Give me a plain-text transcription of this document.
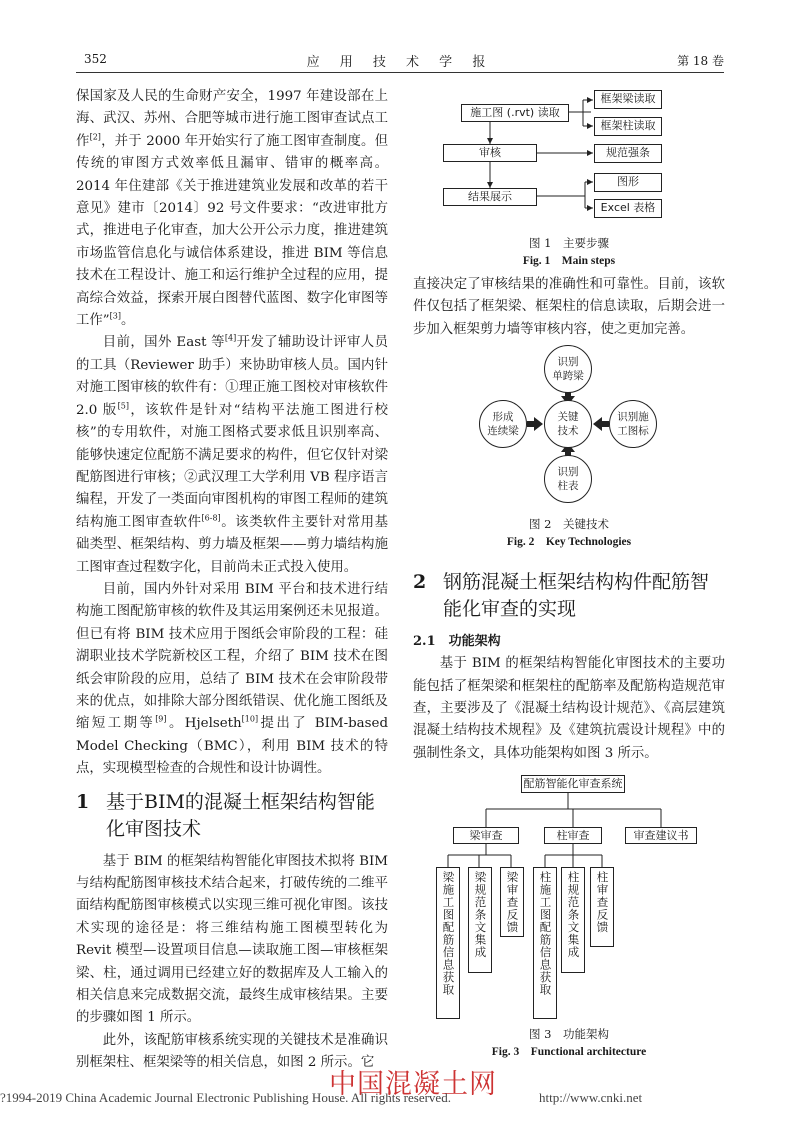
352	应 用 技 术 学 报	第 18 卷

保国家及人民的生命财产安全，1997 年建设部在上海、武汉、苏州、合肥等城市进行施工图审查试点工作[2]，并于 2000 年开始实行了施工图审查制度。但传统的审图方式效率低且漏审、错审的概率高。2014 年住建部《关于推进建筑业发展和改革的若干意见》建市〔2014〕92 号文件要求：“改进审批方式，推进电子化审查，加大公开公示力度，推进建筑市场监管信息化与诚信体系建设，推进 BIM 等信息技术在工程设计、施工和运行维护全过程的应用，提高综合效益，探索开展白图替代蓝图、数字化审图等工作”[3]。

目前，国外 East 等[4]开发了辅助设计评审人员的工具（Reviewer 助手）来协助审核人员。国内针对施工图审核的软件有：①理正施工图校对审核软件 2.0 版[5]，该软件是针对“结构平法施工图进行校核”的专用软件，对施工图格式要求低且识别率高、能够快速定位配筋不满足要求的构件，但它仅针对梁配筋图进行审核；②武汉理工大学利用 VB 程序语言编程，开发了一类面向审图机构的审图工程师的建筑结构施工图审查软件[6-8]。该类软件主要针对常用基础类型、框架结构、剪力墙及框架——剪力墙结构施工图审查过程数字化，目前尚未正式投入使用。

目前，国内外针对采用 BIM 平台和技术进行结构施工图配筋审核的软件及其运用案例还未见报道。但已有将 BIM 技术应用于图纸会审阶段的工程：硅湖职业技术学院新校区工程，介绍了 BIM 技术在图纸会审阶段的应用，总结了 BIM 技术在会审阶段带来的优点，如排除大部分图纸错误、优化施工图纸及缩短工期等[9]。Hjelseth[10]提出了 BIM-based Model Checking（BMC），利用 BIM 技术的特点，实现模型检查的合规性和设计协调性。

1 基于BIM的混凝土框架结构智能化审图技术

基于 BIM 的框架结构智能化审图技术拟将 BIM 与结构配筋图审核技术结合起来，打破传统的二维平面结构配筋图审核模式以实现三维可视化审图。该技术实现的途径是：将三维结构施工图模型转化为 Revit 模型—设置项目信息—读取施工图—审核框架梁、柱，通过调用已经建立好的数据库及人工输入的相关信息来完成数据交流，最终生成审核结果。主要的步骤如图 1 所示。

此外，该配筋审核系统实现的关键技术是准确识别框架柱、框架梁等的相关信息，如图 2 所示。它

施工图 (.rvt) 读取
框架梁读取
框架柱读取
审核	规范强条
结果展示
图形
Excel 表格
图 1　主要步骤
Fig. 1　Main steps

直接决定了审核结果的准确性和可靠性。目前，该软件仅包括了框架梁、框架柱的信息读取，后期会进一步加入框架剪力墙等审核内容，使之更加完善。

关键
技术
识别
单跨梁
形成
连续梁
识别施
工图标
识别
柱表
图 2　关键技术
Fig. 2　Key Technologies
2 钢筋混凝土框架结构构件配筋智能化审查的实现
2.1　功能架构

基于 BIM 的框架结构智能化审图技术的主要功能包括了框架梁和框架柱的配筋率及配筋构造规范审查，主要涉及了《混凝土结构设计规范》、《高层建筑混凝土结构技术规程》及《建筑抗震设计规程》中的强制性条文，具体功能架构如图 3 所示。

配筋智能化审查系统
梁审查	柱审查	审查建议书
梁施工图配筋信息获取	梁规范条文集成	梁审查反馈	柱施工图配筋信息获取	柱规范条文集成	柱审查反馈
图 3　功能架构
Fig. 3　Functional architecture
中国混凝土网
?1994-2019 China Academic Journal Electronic Publishing House. All rights reserved.	http://www.cnki.net
